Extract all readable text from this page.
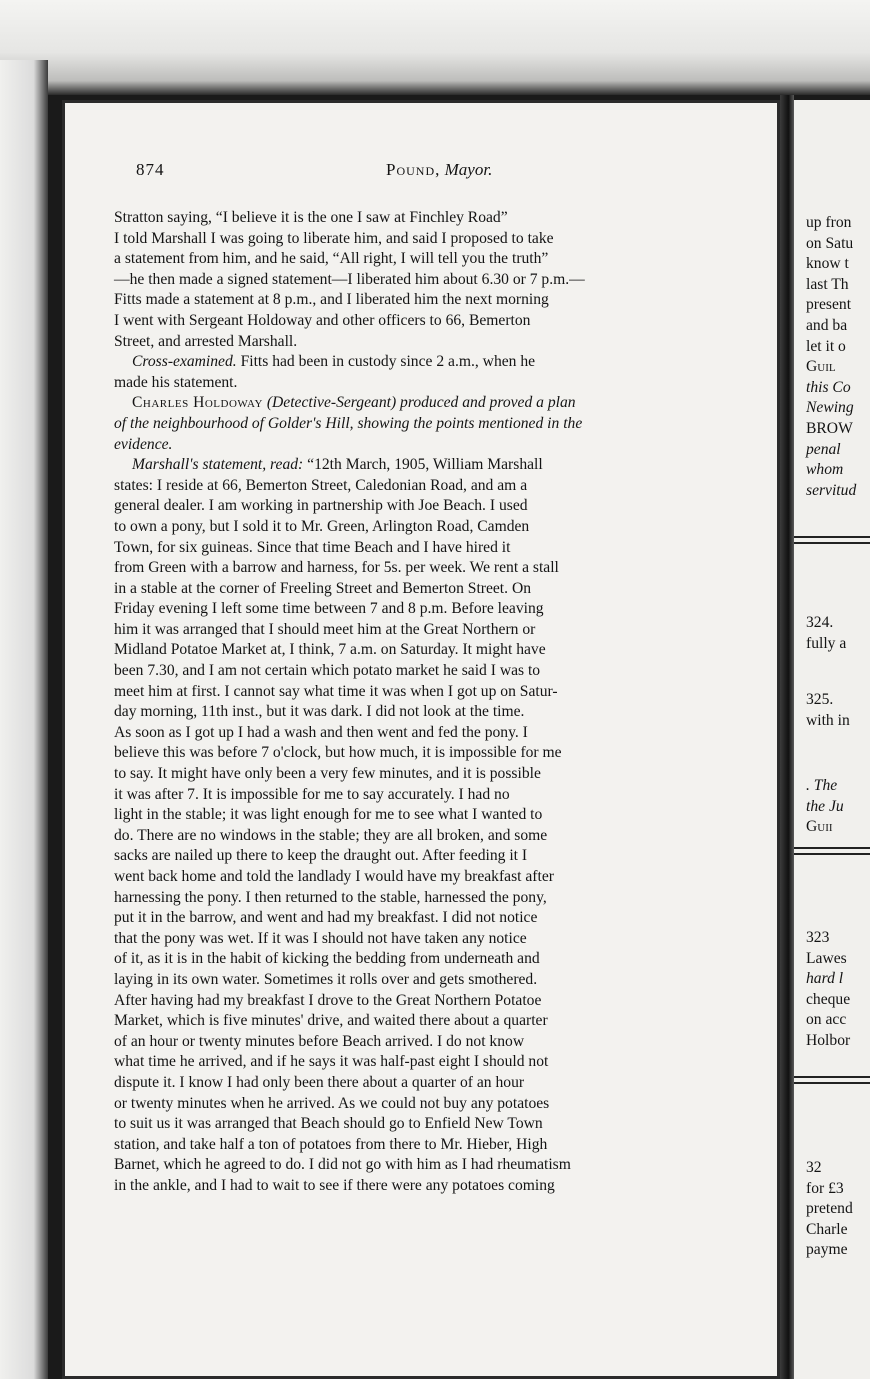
up fron
on Satu
know t
last Th
present
and ba
let it o
Guil
this Co
Newing
BROW
penal
whom
servitud
324.
fully a
325.
with in
. The
the Ju
Guii
323
Lawes
hard l
cheque
on acc
Holbor
32
for £3
pretend
Charle
payme
874	Pound, Mayor.
Stratton saying, “I believe it is the one I saw at Finchley Road”
I told Marshall I was going to liberate him, and said I proposed to take
a statement from him, and he said, “All right, I will tell you the truth”
—he then made a signed statement—I liberated him about 6.30 or 7 p.m.—
Fitts made a statement at 8 p.m., and I liberated him the next morning
I went with Sergeant Holdoway and other officers to 66, Bemerton
Street, and arrested Marshall.
Cross-examined. Fitts had been in custody since 2 a.m., when he
made his statement.
Charles Holdoway (Detective-Sergeant) produced and proved a plan
of the neighbourhood of Golder's Hill, showing the points mentioned in the
evidence.
Marshall's statement, read: “12th March, 1905, William Marshall
states: I reside at 66, Bemerton Street, Caledonian Road, and am a
general dealer. I am working in partnership with Joe Beach. I used
to own a pony, but I sold it to Mr. Green, Arlington Road, Camden
Town, for six guineas. Since that time Beach and I have hired it
from Green with a barrow and harness, for 5s. per week. We rent a stall
in a stable at the corner of Freeling Street and Bemerton Street. On
Friday evening I left some time between 7 and 8 p.m. Before leaving
him it was arranged that I should meet him at the Great Northern or
Midland Potatoe Market at, I think, 7 a.m. on Saturday. It might have
been 7.30, and I am not certain which potato market he said I was to
meet him at first. I cannot say what time it was when I got up on Satur-
day morning, 11th inst., but it was dark. I did not look at the time.
As soon as I got up I had a wash and then went and fed the pony. I
believe this was before 7 o'clock, but how much, it is impossible for me
to say. It might have only been a very few minutes, and it is possible
it was after 7. It is impossible for me to say accurately. I had no
light in the stable; it was light enough for me to see what I wanted to
do. There are no windows in the stable; they are all broken, and some
sacks are nailed up there to keep the draught out. After feeding it I
went back home and told the landlady I would have my breakfast after
harnessing the pony. I then returned to the stable, harnessed the pony,
put it in the barrow, and went and had my breakfast. I did not notice
that the pony was wet. If it was I should not have taken any notice
of it, as it is in the habit of kicking the bedding from underneath and
laying in its own water. Sometimes it rolls over and gets smothered.
After having had my breakfast I drove to the Great Northern Potatoe
Market, which is five minutes' drive, and waited there about a quarter
of an hour or twenty minutes before Beach arrived. I do not know
what time he arrived, and if he says it was half-past eight I should not
dispute it. I know I had only been there about a quarter of an hour
or twenty minutes when he arrived. As we could not buy any potatoes
to suit us it was arranged that Beach should go to Enfield New Town
station, and take half a ton of potatoes from there to Mr. Hieber, High
Barnet, which he agreed to do. I did not go with him as I had rheumatism
in the ankle, and I had to wait to see if there were any potatoes coming
